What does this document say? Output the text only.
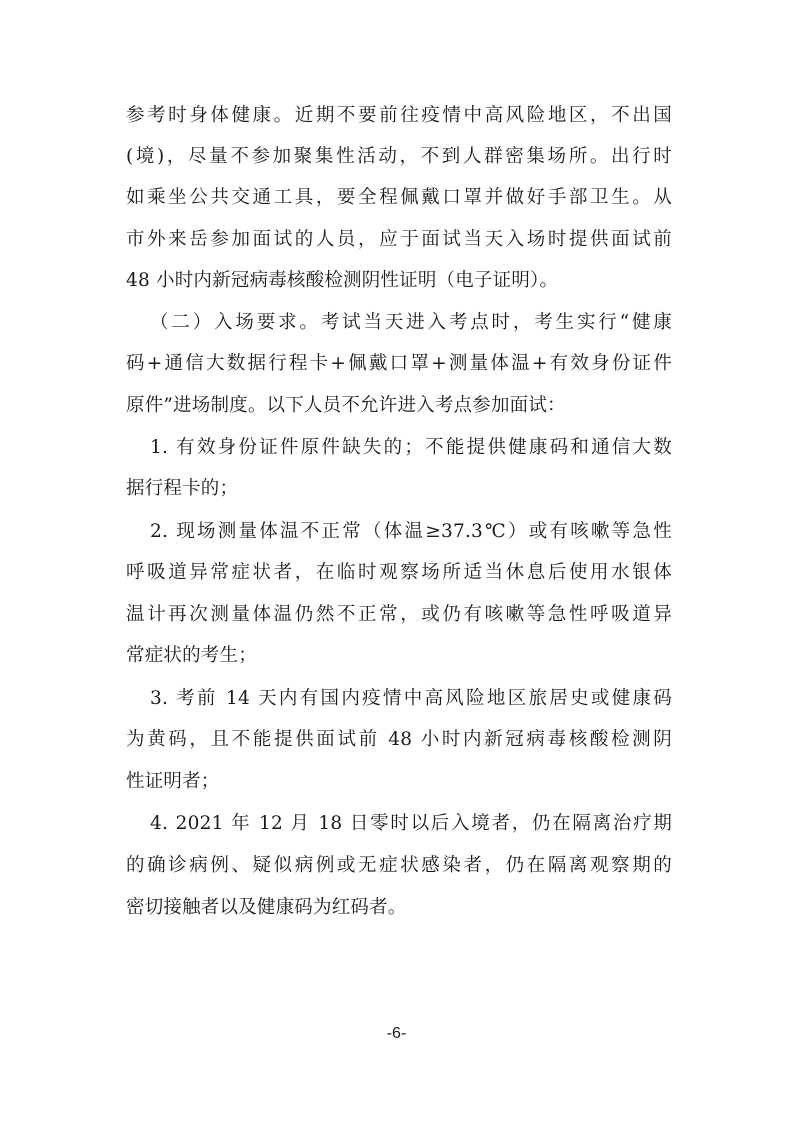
参考时身体健康。近期不要前往疫情中高风险地区，不出国
(境)，尽量不参加聚集性活动，不到人群密集场所。出行时
如乘坐公共交通工具，要全程佩戴口罩并做好手部卫生。从
市外来岳参加面试的人员，应于面试当天入场时提供面试前
48 小时内新冠病毒核酸检测阴性证明（电子证明）。
（二）入场要求。考试当天进入考点时，考生实行“健康
码+通信大数据行程卡+佩戴口罩+测量体温+有效身份证件
原件”进场制度。以下人员不允许进入考点参加面试：
1. 有效身份证件原件缺失的；不能提供健康码和通信大数
据行程卡的；
2. 现场测量体温不正常（体温≥37.3℃）或有咳嗽等急性
呼吸道异常症状者，在临时观察场所适当休息后使用水银体
温计再次测量体温仍然不正常，或仍有咳嗽等急性呼吸道异
常症状的考生；
3. 考前 14 天内有国内疫情中高风险地区旅居史或健康码
为黄码，且不能提供面试前 48 小时内新冠病毒核酸检测阴
性证明者；
4. 2021 年 12 月 18 日零时以后入境者，仍在隔离治疗期
的确诊病例、疑似病例或无症状感染者，仍在隔离观察期的
密切接触者以及健康码为红码者。
-6-
